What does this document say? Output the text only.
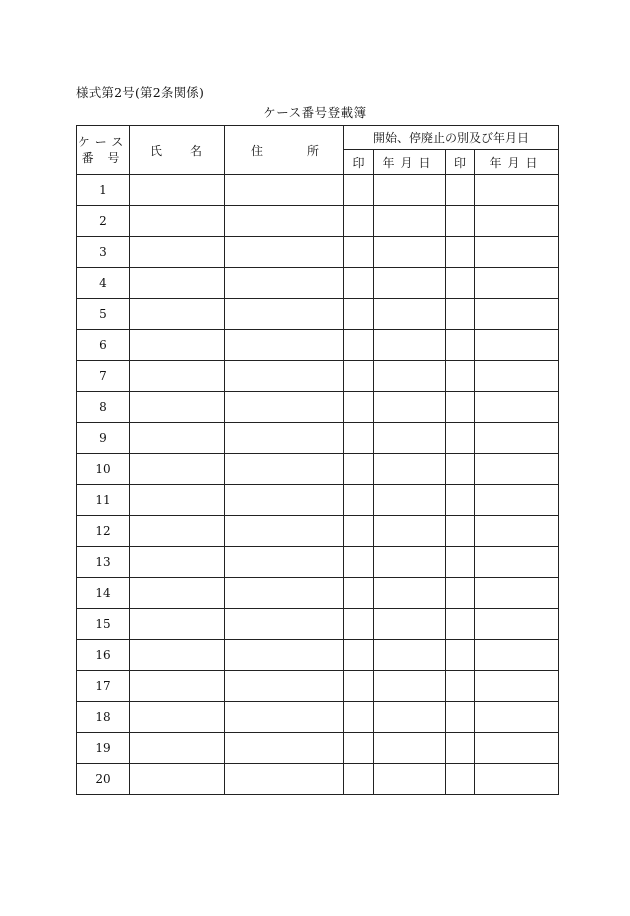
様式第2号(第2条関係)
ケース番号登載簿
ケース
番 号	氏 名	住 所	開始、停廃止の別及び年月日			
			印	年月日	印	年月日
1						
2						
3						
4						
5						
6						
7						
8						
9						
10						
11						
12						
13						
14						
15						
16						
17						
18						
19						
20						
